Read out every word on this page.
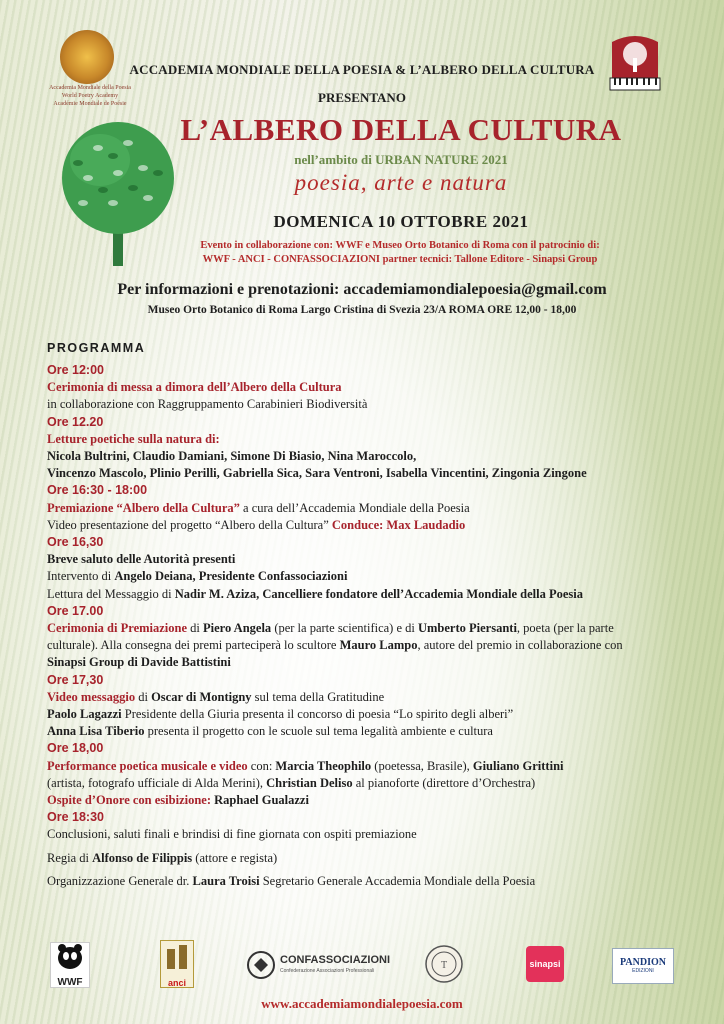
Accademia Mondiale della Poesia
World Poetry Academy
Académie Mondiale de Poésie
ACCADEMIA MONDIALE DELLA POESIA & L’ALBERO DELLA CULTURA
PRESENTANO
L’ALBERO DELLA CULTURA
nell’ambito di URBAN NATURE 2021
poesia, arte e natura
DOMENICA 10 OTTOBRE 2021
Evento in collaborazione con: WWF e Museo Orto Botanico di Roma con il patrocinio di:
WWF - ANCI - CONFASSOCIAZIONI partner tecnici: Tallone Editore - Sinapsi Group
Per informazioni e prenotazioni: accademiamondialepoesia@gmail.com
Museo Orto Botanico di Roma Largo Cristina di Svezia 23/A ROMA ORE 12,00 - 18,00
PROGRAMMA
Ore 12:00
Cerimonia di messa a dimora dell’Albero della Cultura
in collaborazione con Raggruppamento Carabinieri Biodiversità
Ore 12.20
Letture poetiche sulla natura di:
Nicola Bultrini, Claudio Damiani, Simone Di Biasio, Nina Maroccolo,
Vincenzo Mascolo, Plinio Perilli, Gabriella Sica, Sara Ventroni, Isabella Vincentini, Zingonia Zingone
Ore 16:30 - 18:00
Premiazione “Albero della Cultura” a cura dell’Accademia Mondiale della Poesia
Video presentazione del progetto “Albero della Cultura” Conduce: Max Laudadio
Ore 16,30
Breve saluto delle Autorità presenti
Intervento di Angelo Deiana, Presidente Confassociazioni
Lettura del Messaggio di Nadir M. Aziza, Cancelliere fondatore dell’Accademia Mondiale della Poesia
Ore 17.00
Cerimonia di Premiazione di Piero Angela (per la parte scientifica) e di Umberto Piersanti, poeta (per la parte
culturale). Alla consegna dei premi parteciperà lo scultore Mauro Lampo, autore del premio in collaborazione con
Sinapsi Group di Davide Battistini
Ore 17,30
Video messaggio di Oscar di Montigny sul tema della Gratitudine
Paolo Lagazzi Presidente della Giuria presenta il concorso di poesia “Lo spirito degli alberi”
Anna Lisa Tiberio presenta il progetto con le scuole sul tema legalità ambiente e cultura
Ore 18,00
Performance poetica musicale e video con: Marcia Theophilo (poetessa, Brasile), Giuliano Grittini
(artista, fotografo ufficiale di Alda Merini), Christian Deliso al pianoforte (direttore d’Orchestra)
Ospite d’Onore con esibizione: Raphael Gualazzi
Ore 18:30
Conclusioni, saluti finali e brindisi di fine giornata con ospiti premiazione
Regia di Alfonso de Filippis (attore e regista)
Organizzazione Generale dr. Laura Troisi Segretario Generale Accademia Mondiale della Poesia
WWF	anci
CONFASSOCIAZIONI
Confederazione Associazioni Professionali	T	sinapsi	PANDION
EDIZIONI
www.accademiamondialepoesia.com
